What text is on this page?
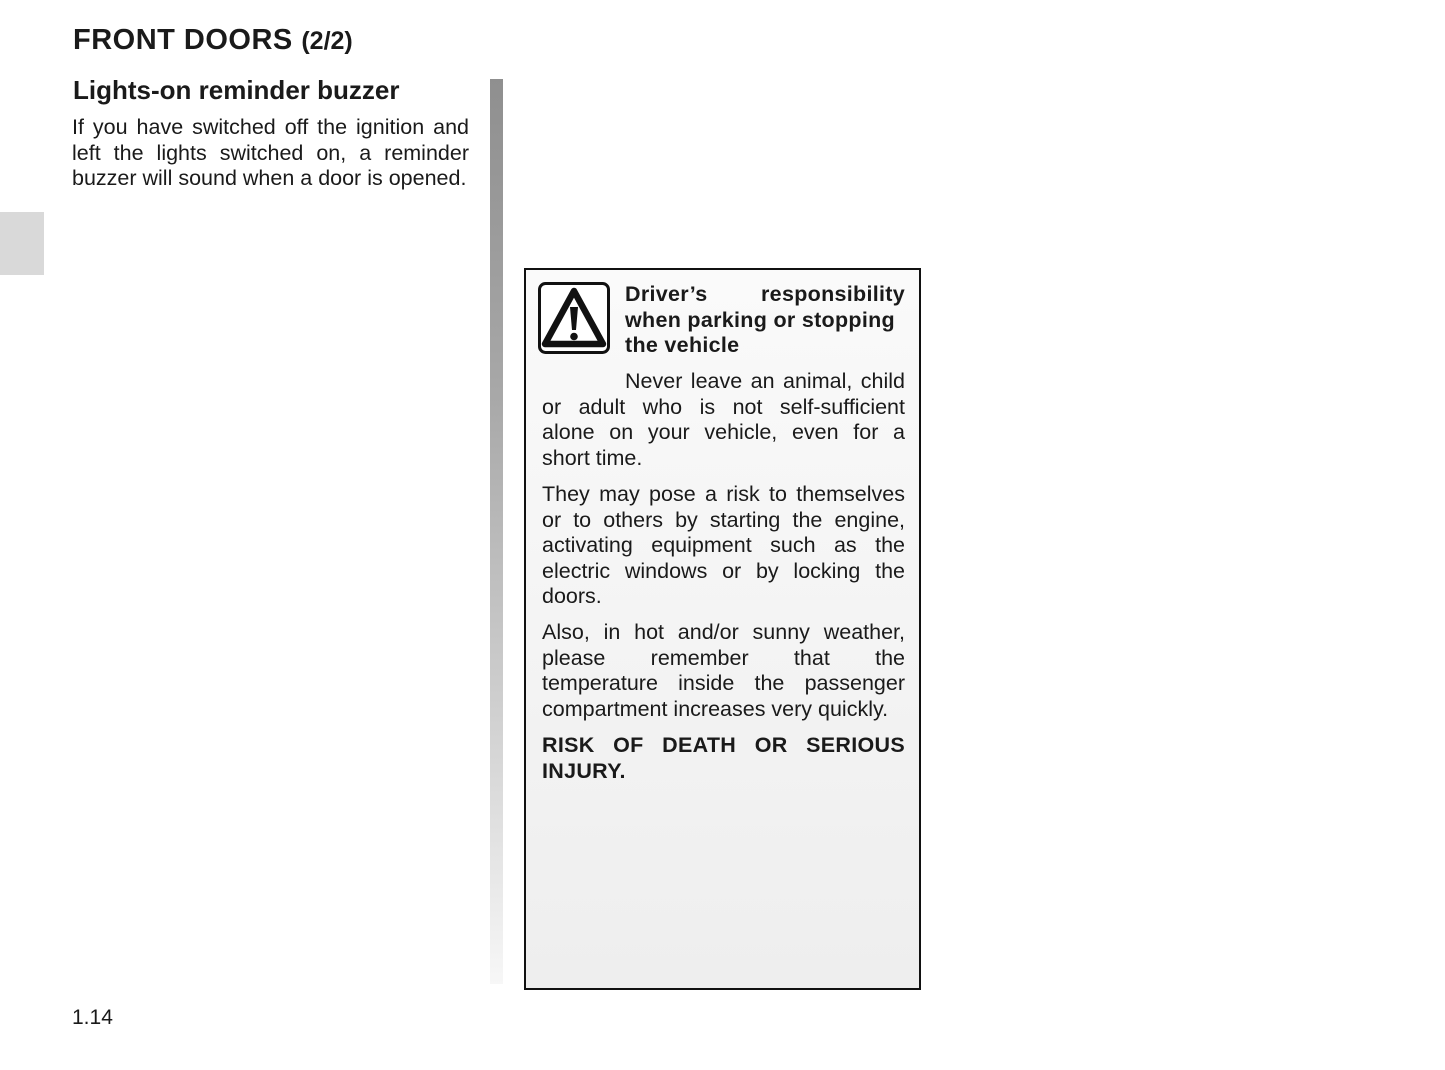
FRONT DOORS (2/2)
Lights-on reminder buzzer

If you have switched off the ignition and left the lights switched on, a reminder buzzer will sound when a door is opened.

Driver’s responsibility
when parking or stopping
the vehicle

Never leave an animal, child or adult who is not self-sufficient alone on your vehicle, even for a short time.

They may pose a risk to themselves or to others by starting the engine, activating equipment such as the electric windows or by locking the doors.

Also, in hot and/or sunny weather, please remember that the temperature inside the passenger compartment increases very quickly.

RISK OF DEATH OR SERIOUS INJURY.

1.14
